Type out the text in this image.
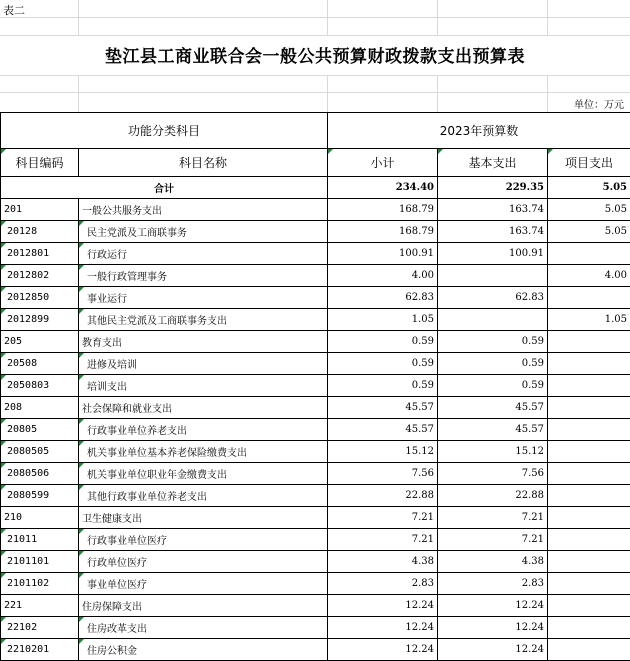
表二
垫江县工商业联合会一般公共预算财政拨款支出预算表
单位：万元
功能分类科目		2023年预算数		

科目编码	科目名称	小计	基本支出	项目支出
合计		234.40	229.35	5.05
201	一般公共服务支出	168.79	163.74	5.05

20128	民主党派及工商联事务	168.79	163.74	5.05

2012801	行政运行	100.91	100.91	

2012802	一般行政管理事务	4.00		4.00

2012850	事业运行	62.83	62.83	

2012899	其他民主党派及工商联事务支出	1.05		1.05
205	教育支出	0.59	0.59	

20508	进修及培训	0.59	0.59	

2050803	培训支出	0.59	0.59	
208	社会保障和就业支出	45.57	45.57	

20805	行政事业单位养老支出	45.57	45.57	

2080505	机关事业单位基本养老保险缴费支出	15.12	15.12	

2080506	机关事业单位职业年金缴费支出	7.56	7.56	

2080599	其他行政事业单位养老支出	22.88	22.88	
210	卫生健康支出	7.21	7.21	

21011	行政事业单位医疗	7.21	7.21	

2101101	行政单位医疗	4.38	4.38	

2101102	事业单位医疗	2.83	2.83	
221	住房保障支出	12.24	12.24	

22102	住房改革支出	12.24	12.24	

2210201	住房公积金	12.24	12.24	
